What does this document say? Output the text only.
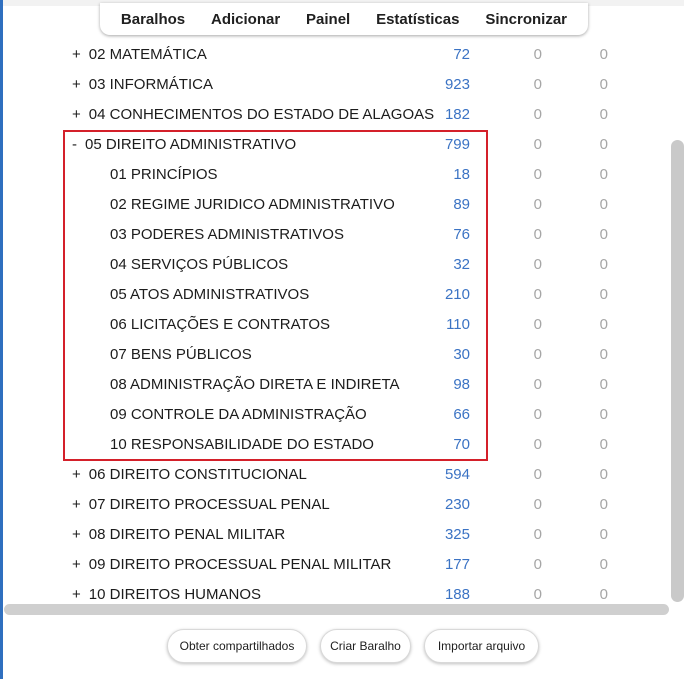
Baralhos Adicionar Painel Estatísticas Sincronizar
+ 02 MATEMÁTICA	72	0	0
+ 03 INFORMÁTICA	923	0	0
+ 04 CONHECIMENTOS DO ESTADO DE ALAGOAS 182	0	0
- 05 DIREITO ADMINISTRATIVO	799	0	0
01 PRINCÍPIOS	18	0	0
02 REGIME JURIDICO ADMINISTRATIVO	89	0	0
03 PODERES ADMINISTRATIVOS	76	0	0
04 SERVIÇOS PÚBLICOS	32	0	0
05 ATOS ADMINISTRATIVOS	210	0	0
06 LICITAÇÕES E CONTRATOS	110	0	0
07 BENS PÚBLICOS	30	0	0
08 ADMINISTRAÇÃO DIRETA E INDIRETA	98	0	0
09 CONTROLE DA ADMINISTRAÇÃO	66	0	0
10 RESPONSABILIDADE DO ESTADO	70	0	0
+ 06 DIREITO CONSTITUCIONAL	594	0	0
+ 07 DIREITO PROCESSUAL PENAL	230	0	0
+ 08 DIREITO PENAL MILITAR	325	0	0
+ 09 DIREITO PROCESSUAL PENAL MILITAR	177	0	0
+ 10 DIREITOS HUMANOS	188	0	0
Obter compartilhados	Criar Baralho	Importar arquivo
